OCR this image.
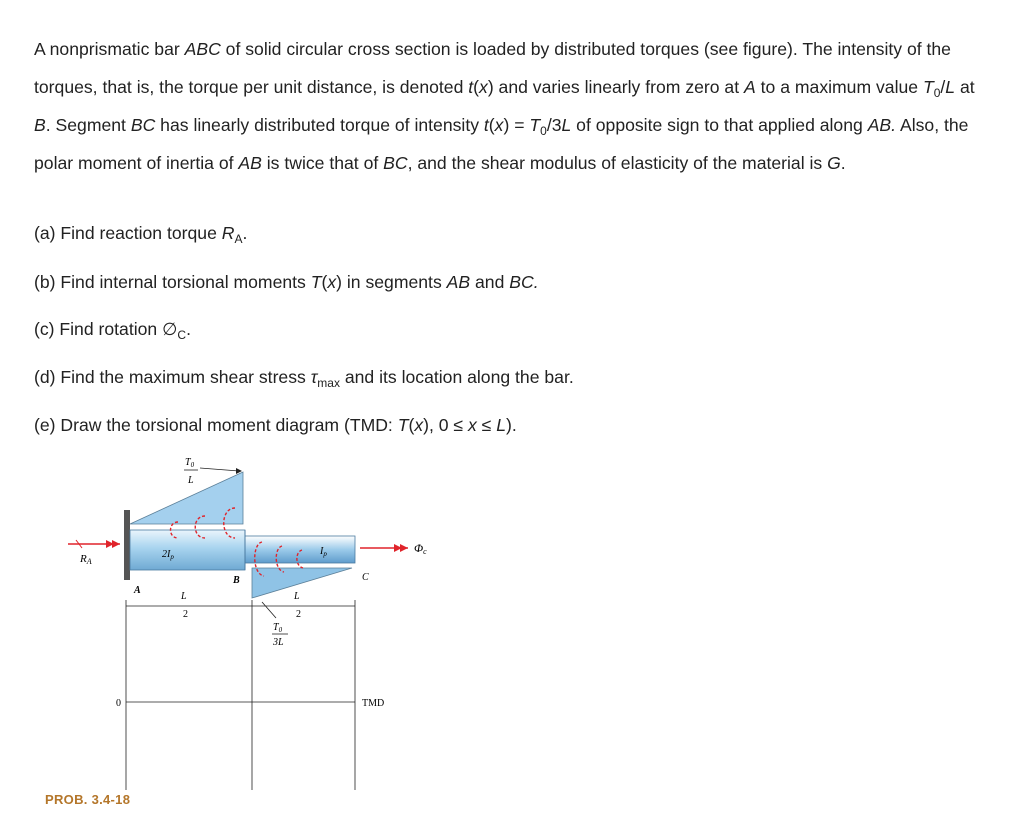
A nonprismatic bar ABC of solid circular cross section is loaded by distributed torques (see figure). The intensity of the torques, that is, the torque per unit distance, is denoted t(x) and varies linearly from zero at A to a maximum value $T_0/L$ at B. Segment BC has linearly distributed torque of intensity $t(x) = T_0/3L$ of opposite sign to that applied along AB. Also, the polar moment of inertia of AB is twice that of BC, and the shear modulus of elasticity of the material is G.

(a) Find reaction torque $R_A$.

(b) Find internal torsional moments T(x) in segments AB and BC.

(c) Find rotation $\emptyset_C$.

(d) Find the maximum shear stress $\tau_{max}$ and its location along the bar.

(e) Draw the torsional moment diagram (TMD: T(x), 0 ≤ x ≤ L).

RA
Φc
$T_0$
L
$2I_p$	$I_p$
A
B	C
L
2
L
2
$T_0$
3L
0	TMD
PROB. 3.4-18
